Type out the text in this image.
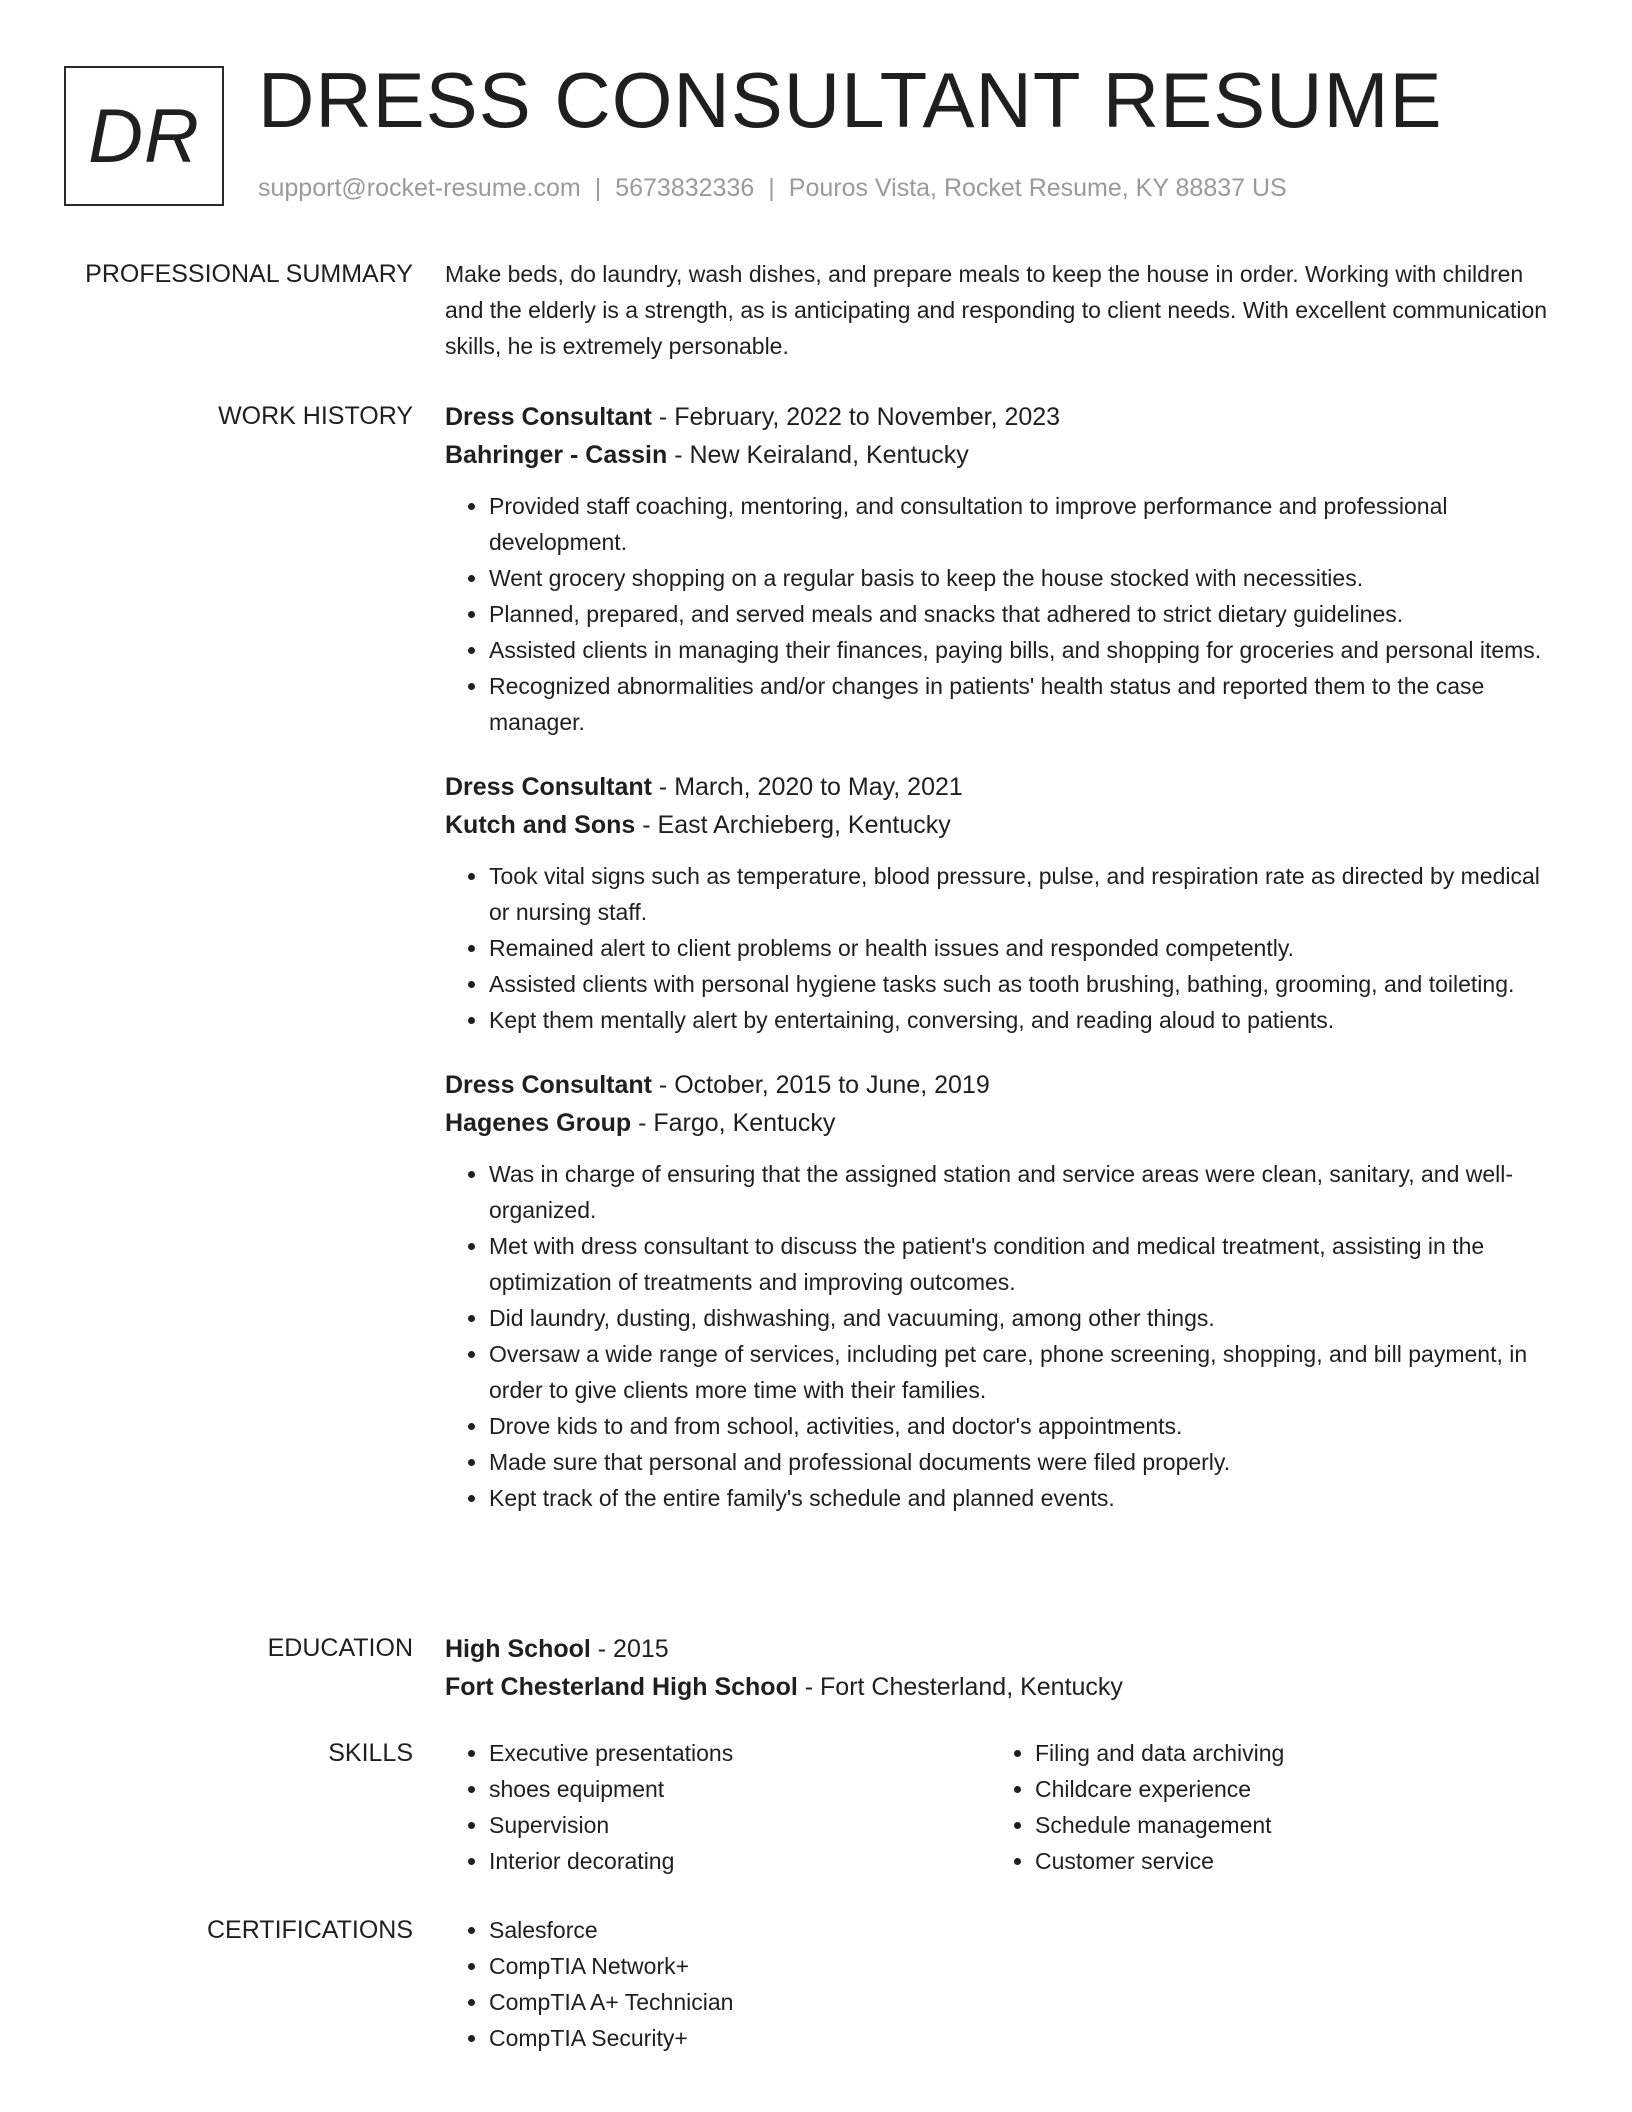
DR DRESS CONSULTANT RESUME
support@rocket-resume.com | 5673832336 | Pouros Vista, Rocket Resume, KY 88837 US
PROFESSIONAL SUMMARY Make beds, do laundry, wash dishes, and prepare meals to keep the house in order. Working with children and the elderly is a strength, as is anticipating and responding to client needs. With excellent communication skills, he is extremely personable.

WORK HISTORY Dress Consultant - February, 2022 to November, 2023
Bahringer - Cassin - New Keiraland, Kentucky
• Provided staff coaching, mentoring, and consultation to improve performance and professional development.
• Went grocery shopping on a regular basis to keep the house stocked with necessities.
• Planned, prepared, and served meals and snacks that adhered to strict dietary guidelines.
• Assisted clients in managing their finances, paying bills, and shopping for groceries and personal items.
• Recognized abnormalities and/or changes in patients' health status and reported them to the case manager.
Dress Consultant - March, 2020 to May, 2021
Kutch and Sons - East Archieberg, Kentucky
• Took vital signs such as temperature, blood pressure, pulse, and respiration rate as directed by medical or nursing staff.
• Remained alert to client problems or health issues and responded competently.
• Assisted clients with personal hygiene tasks such as tooth brushing, bathing, grooming, and toileting.
• Kept them mentally alert by entertaining, conversing, and reading aloud to patients.
Dress Consultant - October, 2015 to June, 2019
Hagenes Group - Fargo, Kentucky
• Was in charge of ensuring that the assigned station and service areas were clean, sanitary, and well-organized.
• Met with dress consultant to discuss the patient's condition and medical treatment, assisting in the optimization of treatments and improving outcomes.
• Did laundry, dusting, dishwashing, and vacuuming, among other things.
• Oversaw a wide range of services, including pet care, phone screening, shopping, and bill payment, in order to give clients more time with their families.
• Drove kids to and from school, activities, and doctor's appointments.
• Made sure that personal and professional documents were filed properly.
• Kept track of the entire family's schedule and planned events.
EDUCATION High School - 2015
Fort Chesterland High School - Fort Chesterland, Kentucky
SKILLS	• Executive presentations
• shoes equipment
• Supervision
• Interior decorating
• Filing and data archiving
• Childcare experience
• Schedule management
• Customer service
CERTIFICATIONS	• Salesforce
• CompTIA Network+
• CompTIA A+ Technician
• CompTIA Security+
